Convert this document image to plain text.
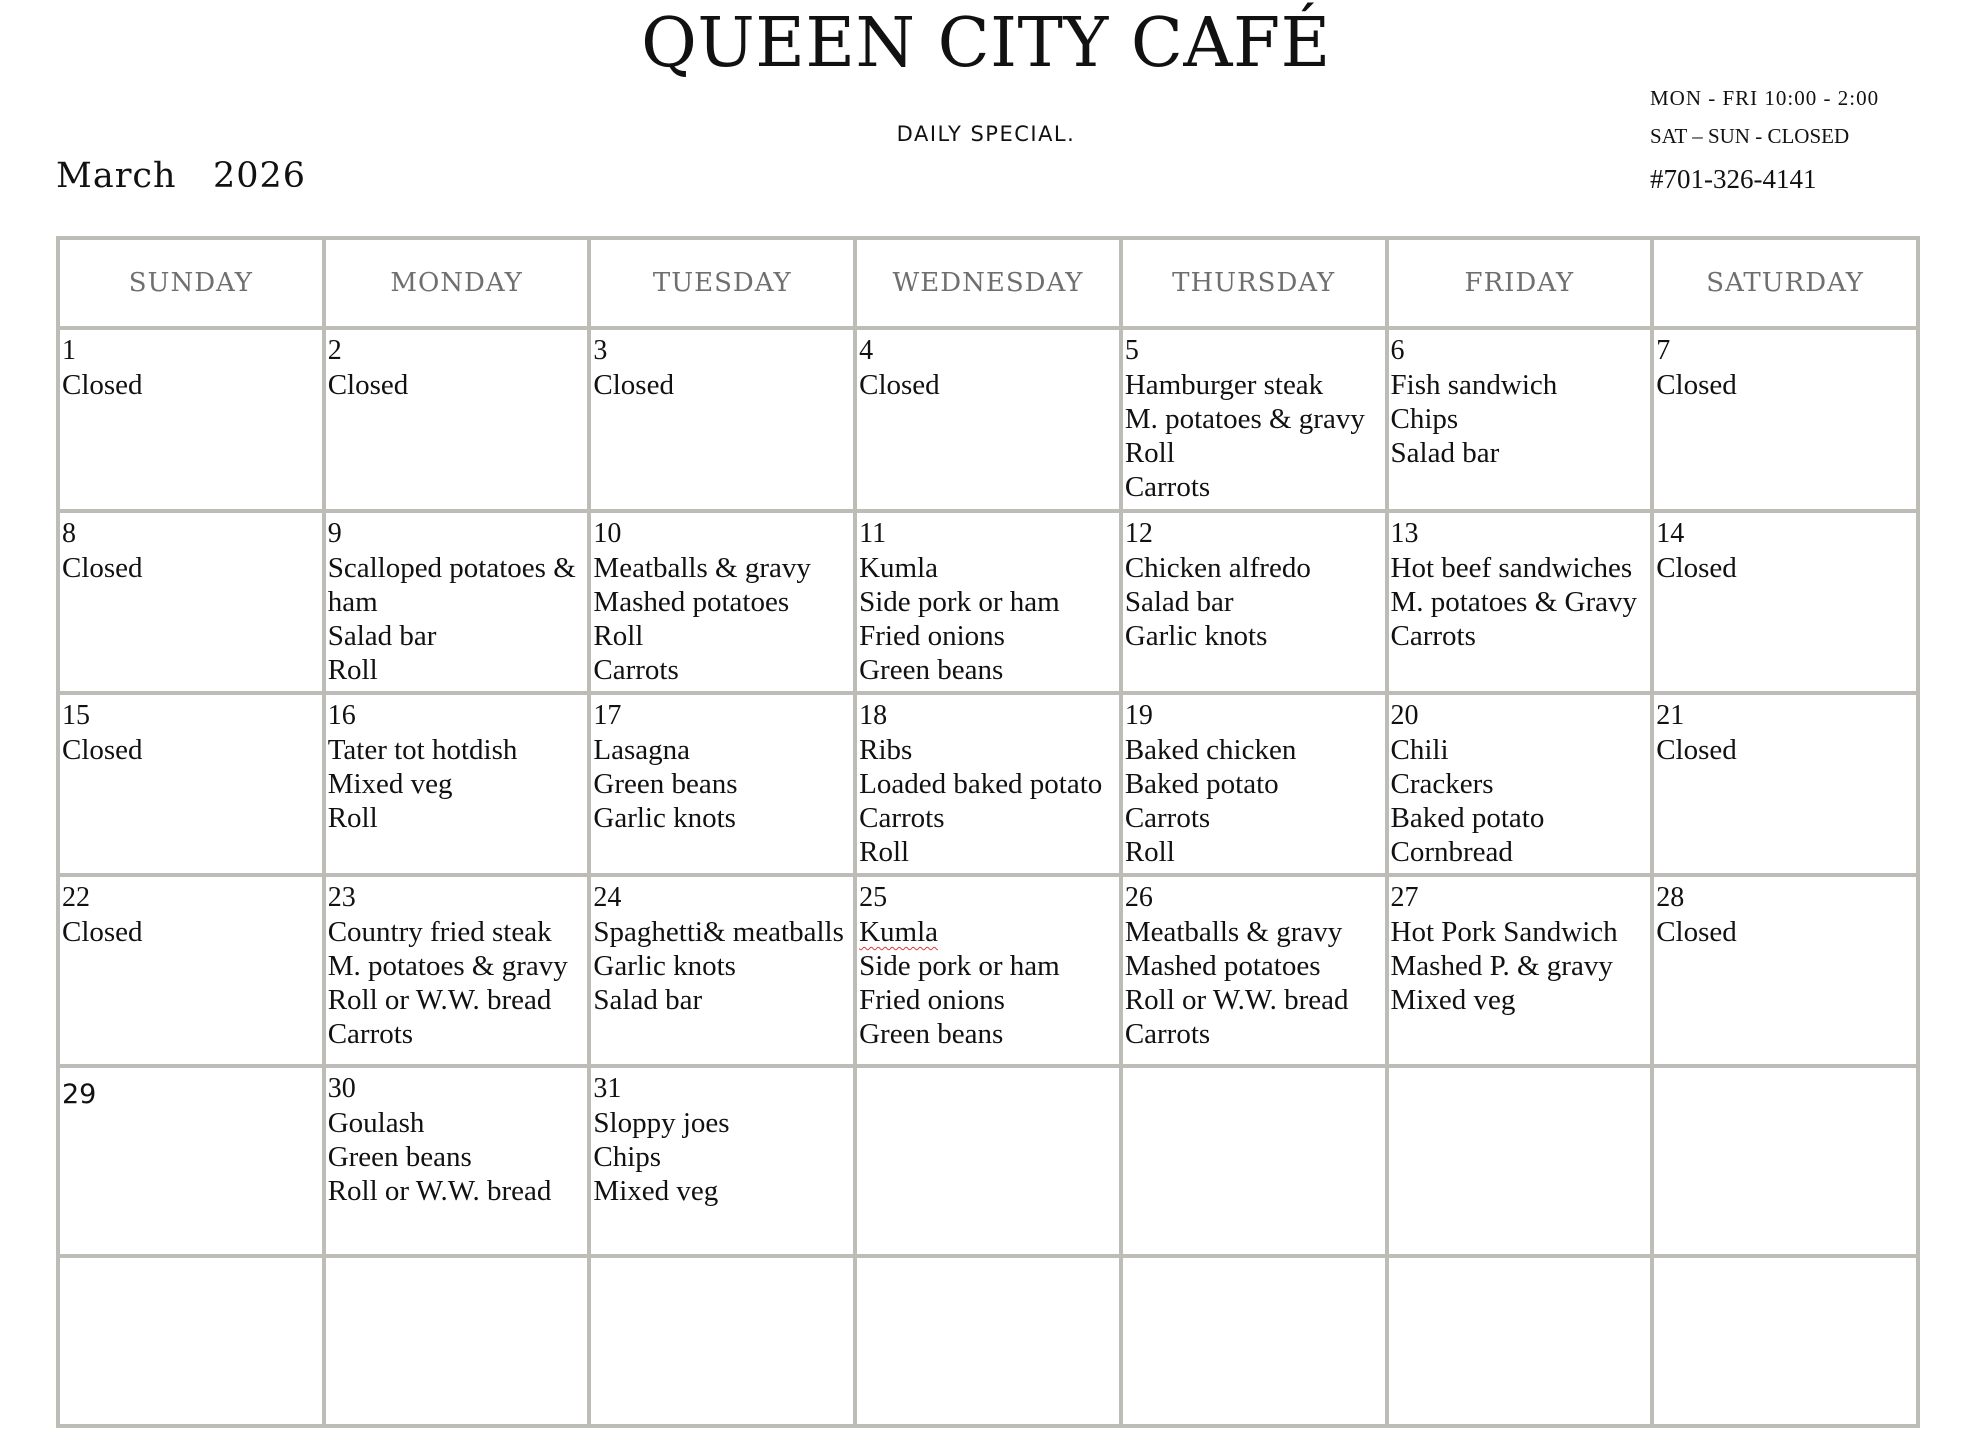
QUEEN CITY CAFÉ
DAILY SPECIAL.
March   2026
MON - FRI 10:00 - 2:00
SAT – SUN - CLOSED
#701-326-4141
SUNDAY	MONDAY	TUESDAY	WEDNESDAY	THURSDAY	FRIDAY	SATURDAY

1
Closed	2
Closed	3
Closed	4
Closed	5
Hamburger steak
M. potatoes & gravy
Roll
Carrots	6
Fish sandwich
Chips
Salad bar	7
Closed

8
Closed	9
Scalloped potatoes &
ham
Salad bar
Roll	10
Meatballs & gravy
Mashed potatoes
Roll
Carrots	11
Kumla
Side pork or ham
Fried onions
Green beans	12
Chicken alfredo
Salad bar
Garlic knots	13
Hot beef sandwiches
M. potatoes & Gravy
Carrots	14
Closed

15
Closed	16
Tater tot hotdish
Mixed veg
Roll	17
Lasagna
Green beans
Garlic knots	18
Ribs
Loaded baked potato
Carrots
Roll	19
Baked chicken
Baked potato
Carrots
Roll	20
Chili
Crackers
Baked potato
Cornbread	21
Closed

22
Closed	23
Country fried steak
M. potatoes & gravy
Roll or W.W. bread
Carrots	24
Spaghetti& meatballs
Garlic knots
Salad bar	25
Kumla
Side pork or ham
Fried onions
Green beans	26
Meatballs & gravy
Mashed potatoes
Roll or W.W. bread
Carrots	27
Hot Pork Sandwich
Mashed P. & gravy
Mixed veg	28
Closed

29	30
Goulash
Green beans
Roll or W.W. bread	31
Sloppy joes
Chips
Mixed veg				
